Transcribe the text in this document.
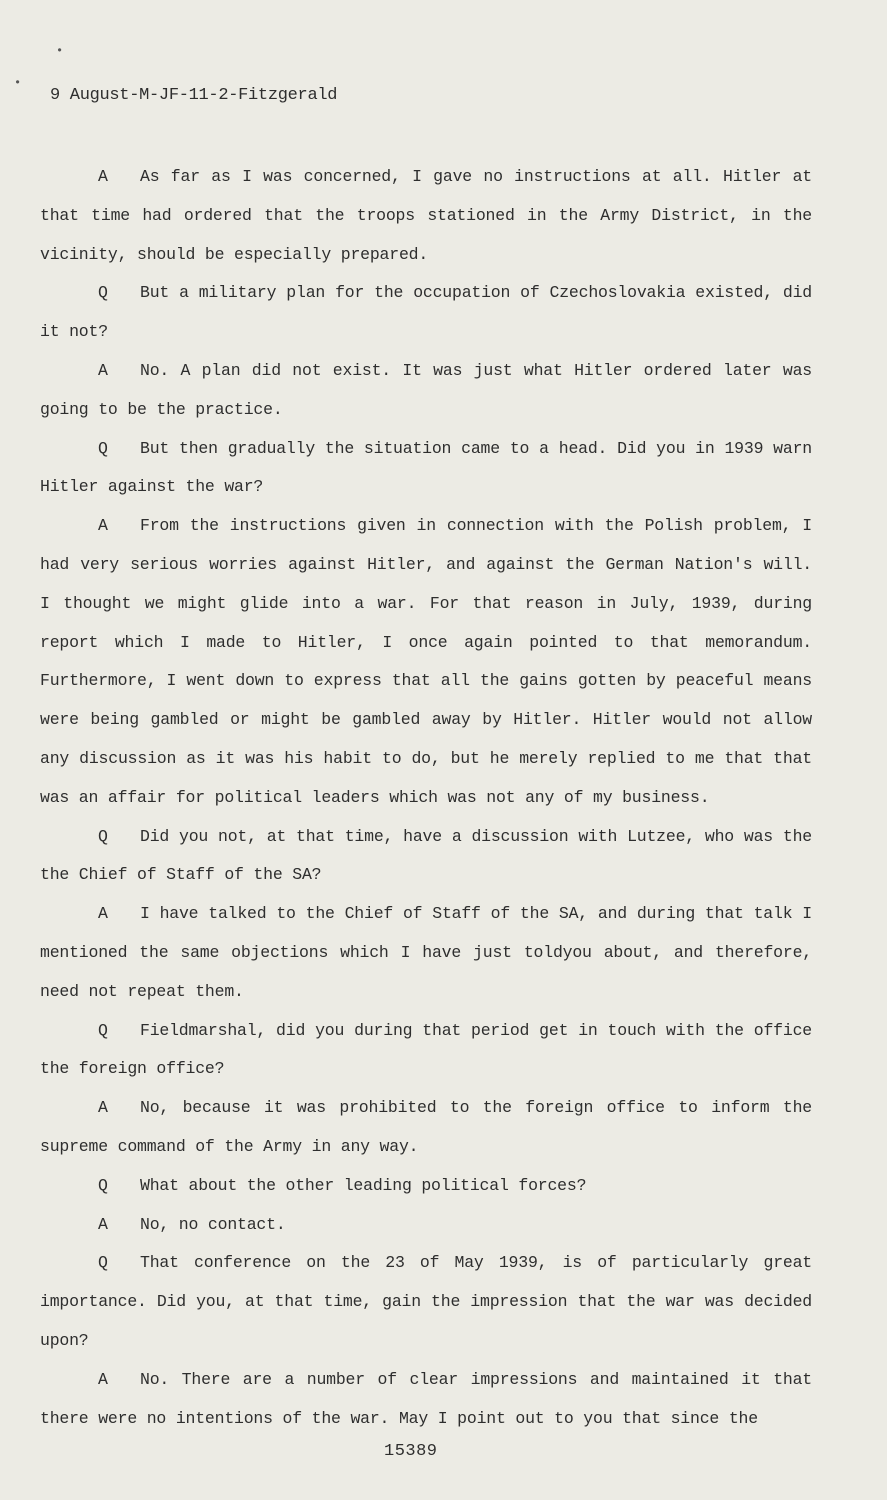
•
•
9 August-M-JF-11-2-Fitzgerald

A As far as I was concerned, I gave no instructions at all. Hitler at that time had ordered that the troops stationed in the Army District, in the vicinity, should be especially prepared.

Q But a military plan for the occupation of Czechoslovakia existed, did it not?

A No. A plan did not exist. It was just what Hitler ordered later was going to be the practice.

Q But then gradually the situation came to a head. Did you in 1939 warn Hitler against the war?

A From the instructions given in connection with the Polish problem, I had very serious worries against Hitler, and against the German Nation's will. I thought we might glide into a war. For that reason in July, 1939, during report which I made to Hitler, I once again pointed to that memorandum. Furthermore, I went down to express that all the gains gotten by peaceful means were being gambled or might be gambled away by Hitler. Hitler would not allow any discussion as it was his habit to do, but he merely replied to me that that was an affair for political leaders which was not any of my business.

Q Did you not, at that time, have a discussion with Lutzee, who was the the Chief of Staff of the SA?

A I have talked to the Chief of Staff of the SA, and during that talk I mentioned the same objections which I have just toldyou about, and therefore, need not repeat them.

Q Fieldmarshal, did you during that period get in touch with the office the foreign office?

A No, because it was prohibited to the foreign office to inform the supreme command of the Army in any way.

Q What about the other leading political forces?

A No, no contact.

Q That conference on the 23 of May 1939, is of particularly great importance. Did you, at that time, gain the impression that the war was decided upon?

A No. There are a number of clear impressions and maintained it that there were no intentions of the war. May I point out to you that since the

15389
